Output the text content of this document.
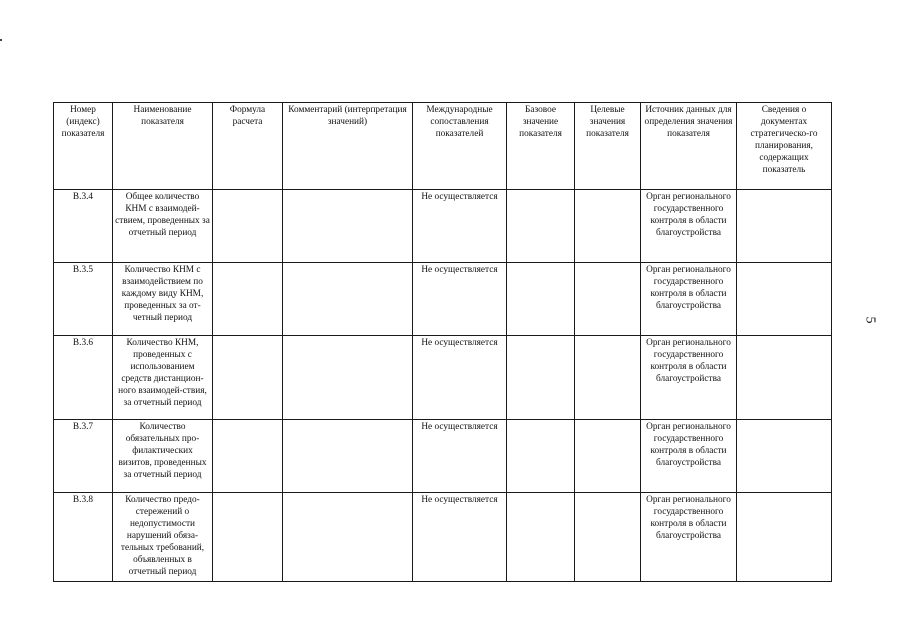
Номер (индекс) показателя	Наименование показателя	Формула расчета	Комментарий (интерпретация значений)	Международные сопоставления показателей	Базовое значение показателя	Целевые значения показателя	Источник данных для определения значения показателя	Сведения о документах стратегическо-го планирования, содержащих показатель
В.3.4	Общее количество КНМ с взаимодей-ствием, проведенных за отчетный период			Не осуществляется			Орган регионального государственного контроля в области благоустройства	
В.3.5	Количество КНМ с взаимодействием по каждому виду КНМ, проведенных за от-четный период			Не осуществляется			Орган регионального государственного контроля в области благоустройства	
В.3.6	Количество КНМ, проведенных с использованием средств дистанцион-ного взаимодей-ствия, за отчетный период			Не осуществляется			Орган регионального государственного контроля в области благоустройства	
В.3.7	Количество обязательных про-филактических визитов, проведенных за отчетный период			Не осуществляется			Орган регионального государственного контроля в области благоустройства	
В.3.8	Количество предо-стережений о недопустимости нарушений обяза-тельных требований, объявленных в отчетный период			Не осуществляется			Орган регионального государственного контроля в области благоустройства	
5
